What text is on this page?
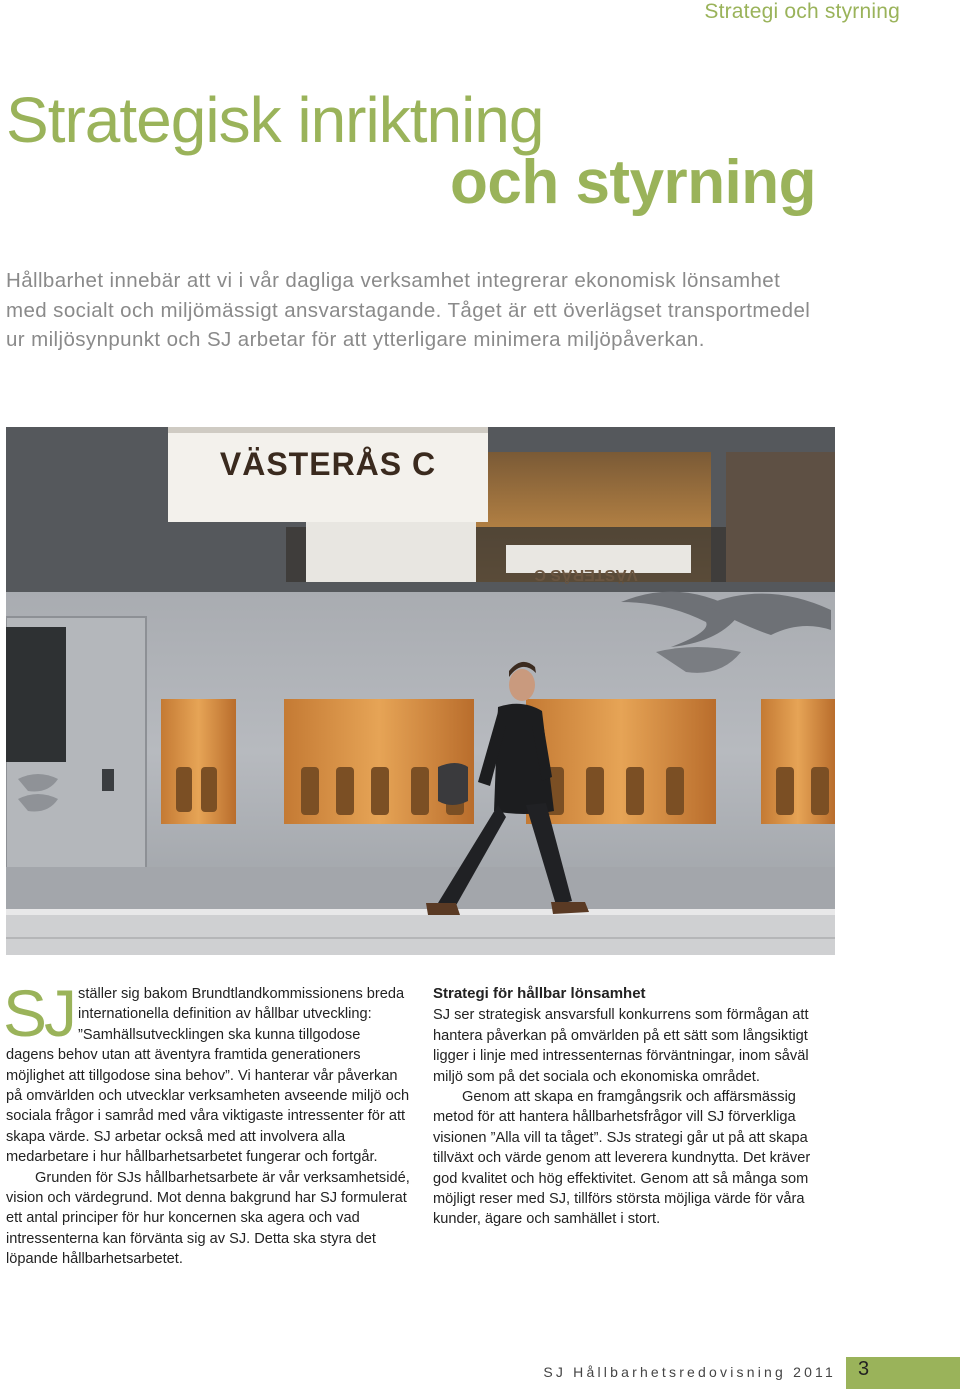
Strategi och styrning
Strategisk inriktning
och styrning

Hållbarhet innebär att vi i vår dagliga verksamhet integrerar ekonomisk lönsamhet

med socialt och miljömässigt ansvarstagande. Tåget är ett överlägset transportmedel

ur miljösynpunkt och SJ arbetar för att ytterligare minimera miljöpåverkan.

VÄSTERÅS C
VÄSTERÅS C

SJ ställer sig bakom Brundtlandkommissionens breda internationella definition av hållbar utveckling: ”Samhällsutvecklingen ska kunna tillgodose dagens behov utan att äventyra framtida generationers möjlighet att tillgodose sina behov”. Vi hanterar vår påverkan på omvärlden och utvecklar verksamheten avseende miljö och sociala frågor i samråd med våra viktigaste intressenter för att skapa värde. SJ arbetar också med att involvera alla medarbetare i hur hållbarhetsarbetet fungerar och fortgår.

Grunden för SJs hållbarhetsarbete är vår verksamhetsidé, vision och värdegrund. Mot denna bakgrund har SJ formulerat ett antal principer för hur koncernen ska agera och vad intressenterna kan förvänta sig av SJ. Detta ska styra det löpande hållbarhetsarbetet.

Strategi för hållbar lönsamhet

SJ ser strategisk ansvarsfull konkurrens som förmågan att hantera påverkan på omvärlden på ett sätt som långsiktigt ligger i linje med intressenternas förväntningar, inom såväl miljö som på det sociala och ekonomiska området.

Genom att skapa en framgångsrik och affärsmässig metod för att hantera hållbarhetsfrågor vill SJ förverkliga visionen ”Alla vill ta tåget”. SJs strategi går ut på att skapa tillväxt och värde genom att leverera kundnytta. Det kräver god kvalitet och hög effektivitet. Genom att så många som möjligt reser med SJ, tillförs största möjliga värde för våra kunder, ägare och samhället i stort.

SJ Hållbarhetsredovisning 2011 3
